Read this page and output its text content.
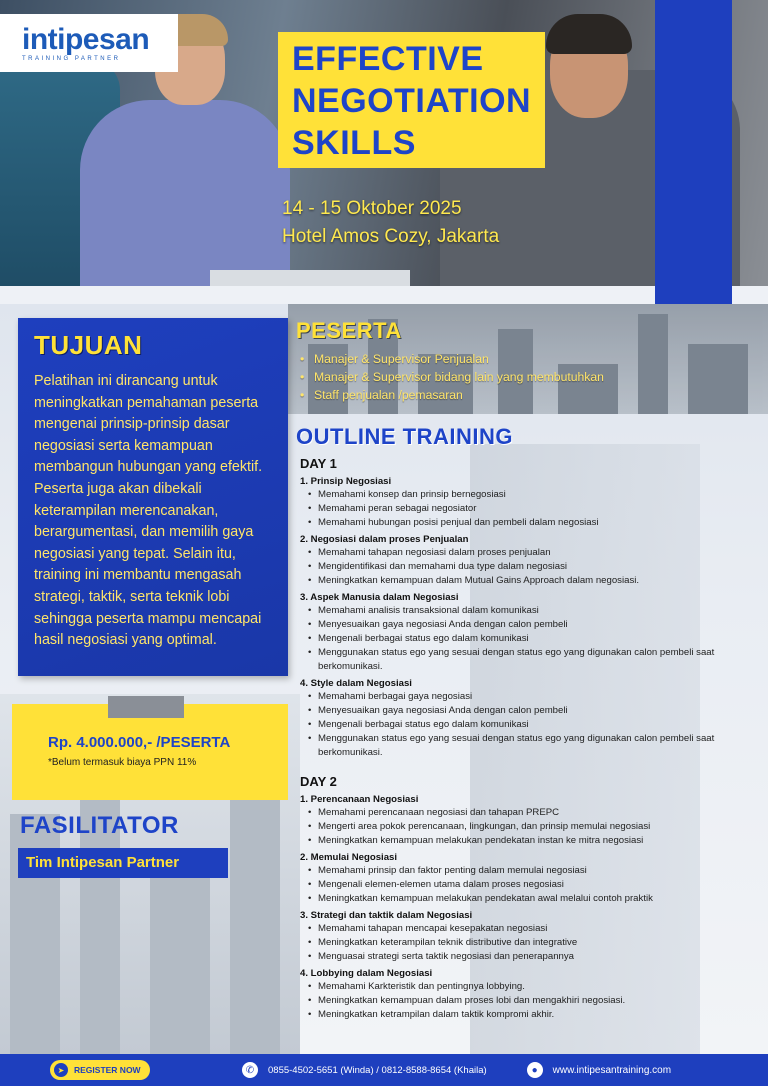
intipesan
TRAINING PARTNER	EFFECTIVE
NEGOTIATION
SKILLS
14 - 15 Oktober 2025
Hotel Amos Cozy, Jakarta
TUJUAN
Pelatihan ini dirancang untuk meningkatkan pemahaman peserta mengenai prinsip-prinsip dasar negosiasi serta kemampuan membangun hubungan yang efektif. Peserta juga akan dibekali keterampilan merencanakan, berargumentasi, dan memilih gaya negosiasi yang tepat. Selain itu, training ini membantu mengasah strategi, taktik, serta teknik lobi sehingga peserta mampu mencapai hasil negosiasi yang optimal.
Rp. 4.000.000,- /PESERTA
*Belum termasuk biaya PPN 11%
FASILITATOR
Tim Intipesan Partner
PESERTA
• Manajer & Supervisor Penjualan
• Manajer & Supervisor bidang lain yang membutuhkan
• Staff penjualan /pemasaran
OUTLINE TRAINING
DAY 1
1. Prinsip Negosiasi
• Memahami konsep dan prinsip bernegosiasi
• Memahami peran sebagai negosiator
• Memahami hubungan posisi penjual dan pembeli dalam negosiasi
2. Negosiasi dalam proses Penjualan
• Memahami tahapan negosiasi dalam proses penjualan
• Mengidentifikasi dan memahami dua type dalam negosiasi
• Meningkatkan kemampuan dalam Mutual Gains Approach dalam negosiasi.
3. Aspek Manusia dalam Negosiasi
• Memahami analisis transaksional dalam komunikasi
• Menyesuaikan gaya negosiasi Anda dengan calon pembeli
• Mengenali berbagai status ego dalam komunikasi
• Menggunakan status ego yang sesuai dengan status ego yang digunakan calon pembeli saat berkomunikasi.
4. Style dalam Negosiasi
• Memahami berbagai gaya negosiasi
• Menyesuaikan gaya negosiasi Anda dengan calon pembeli
• Mengenali berbagai status ego dalam komunikasi
• Menggunakan status ego yang sesuai dengan status ego yang digunakan calon pembeli saat berkomunikasi.
DAY 2
1. Perencanaan Negosiasi
• Memahami perencanaan negosiasi dan tahapan PREPC
• Mengerti area pokok perencanaan, lingkungan, dan prinsip memulai negosiasi
• Meningkatkan kemampuan melakukan pendekatan instan ke mitra negosiasi
2. Memulai Negosiasi
• Memahami prinsip dan faktor penting dalam memulai negosiasi
• Mengenali elemen-elemen utama dalam proses negosiasi
• Meningkatkan kemampuan melakukan pendekatan awal melalui contoh praktik
3. Strategi dan taktik dalam Negosiasi
• Memahami tahapan mencapai kesepakatan negosiasi
• Meningkatkan keterampilan teknik distributive dan integrative
• Menguasai strategi serta taktik negosiasi dan penerapannya
4. Lobbying dalam Negosiasi
• Memahami Karkteristik dan pentingnya lobbying.
• Meningkatkan kemampuan dalam proses lobi dan mengakhiri negosiasi.
• Meningkatkan ketrampilan dalam taktik kompromi akhir.
➤	REGISTER NOW	✆	0855-4502-5651 (Winda) / 0812-8588-8654 (Khaila)	●	www.intipesantraining.com
